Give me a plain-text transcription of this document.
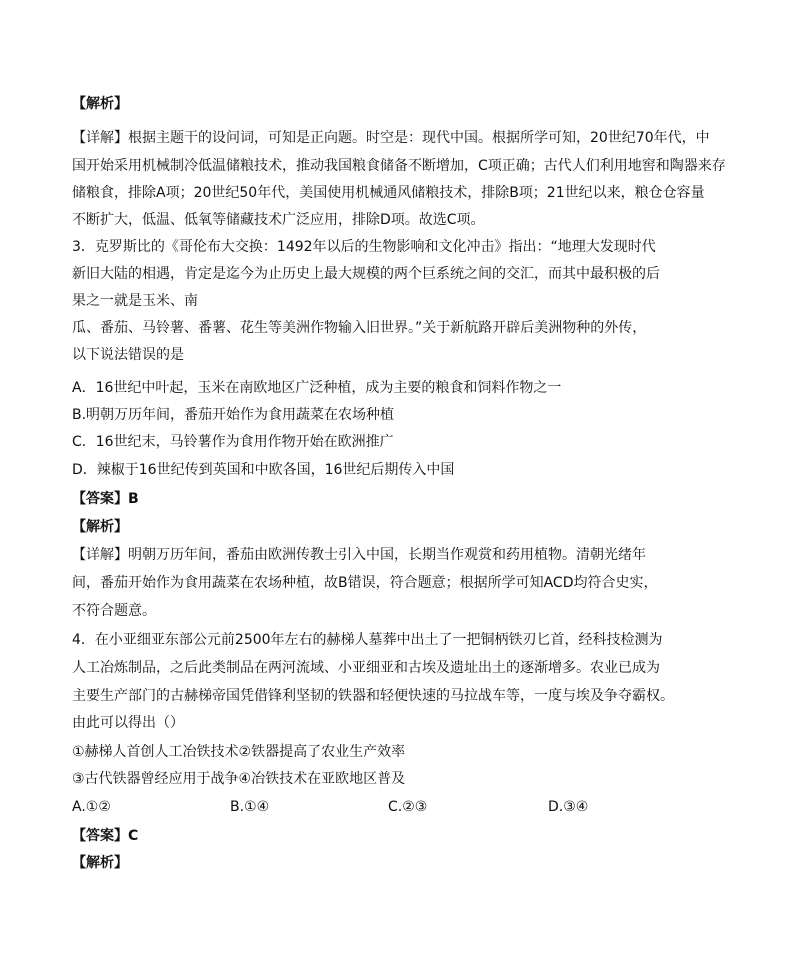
【解析】
【详解】根据主题干的设问词，可知是正向题。时空是：现代中国。根据所学可知，20世纪70年代，中
国开始采用机械制冷低温储粮技术，推动我国粮食储备不断增加，C项正确；古代人们利用地窖和陶器来存
储粮食，排除A项；20世纪50年代，美国使用机械通风储粮技术，排除B项；21世纪以来，粮仓仓容量
不断扩大，低温、低氧等储藏技术广泛应用，排除D项。故选C项。
3．克罗斯比的《哥伦布大交换：1492年以后的生物影响和文化冲击》指出：“地理大发现时代
新旧大陆的相遇，肯定是迄今为止历史上最大规模的两个巨系统之间的交汇，而其中最积极的后
果之一就是玉米、南
瓜、番茄、马铃薯、番薯、花生等美洲作物输入旧世界。”关于新航路开辟后美洲物种的外传，
以下说法错误的是
A．16世纪中叶起，玉米在南欧地区广泛种植，成为主要的粮食和饲料作物之一
B.明朝万历年间，番茄开始作为食用蔬菜在农场种植
C．16世纪末，马铃薯作为食用作物开始在欧洲推广
D．辣椒于16世纪传到英国和中欧各国，16世纪后期传入中国
【答案】B
【解析】
【详解】明朝万历年间，番茄由欧洲传教士引入中国，长期当作观赏和药用植物。清朝光绪年
间，番茄开始作为食用蔬菜在农场种植，故B错误，符合题意；根据所学可知ACD均符合史实，
不符合题意。
4．在小亚细亚东部公元前2500年左右的赫梯人墓葬中出土了一把铜柄铁刃匕首，经科技检测为
人工冶炼制品，之后此类制品在两河流域、小亚细亚和古埃及遗址出土的逐渐增多。农业已成为
主要生产部门的古赫梯帝国凭借锋利坚韧的铁器和轻便快速的马拉战车等，一度与埃及争夺霸权。
由此可以得出（）
①赫梯人首创人工冶铁技术②铁器提高了农业生产效率
③古代铁器曾经应用于战争④冶铁技术在亚欧地区普及
A.①②	B.①④	C.②③	D.③④
【答案】C
【解析】
